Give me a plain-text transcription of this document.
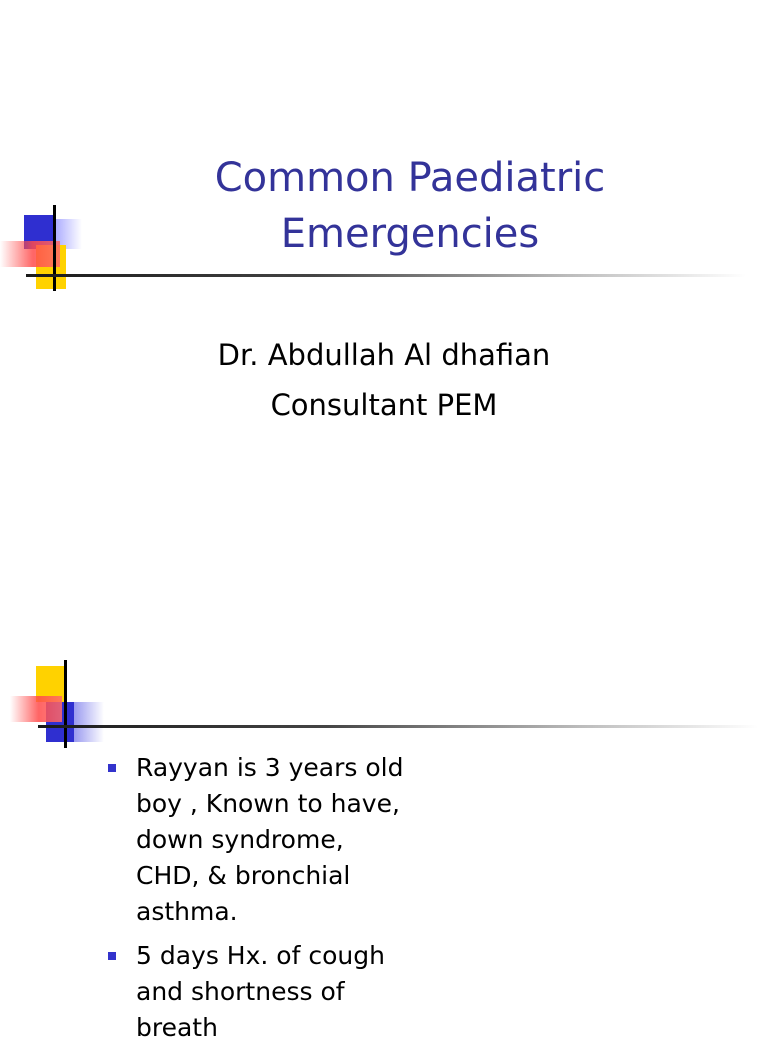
Common Paediatric
Emergencies
Dr. Abdullah Al dhafian
Consultant PEM
Rayyan is 3 years old boy , Known to have, down syndrome, CHD, & bronchial asthma.
5 days Hx. of cough and shortness of breath
